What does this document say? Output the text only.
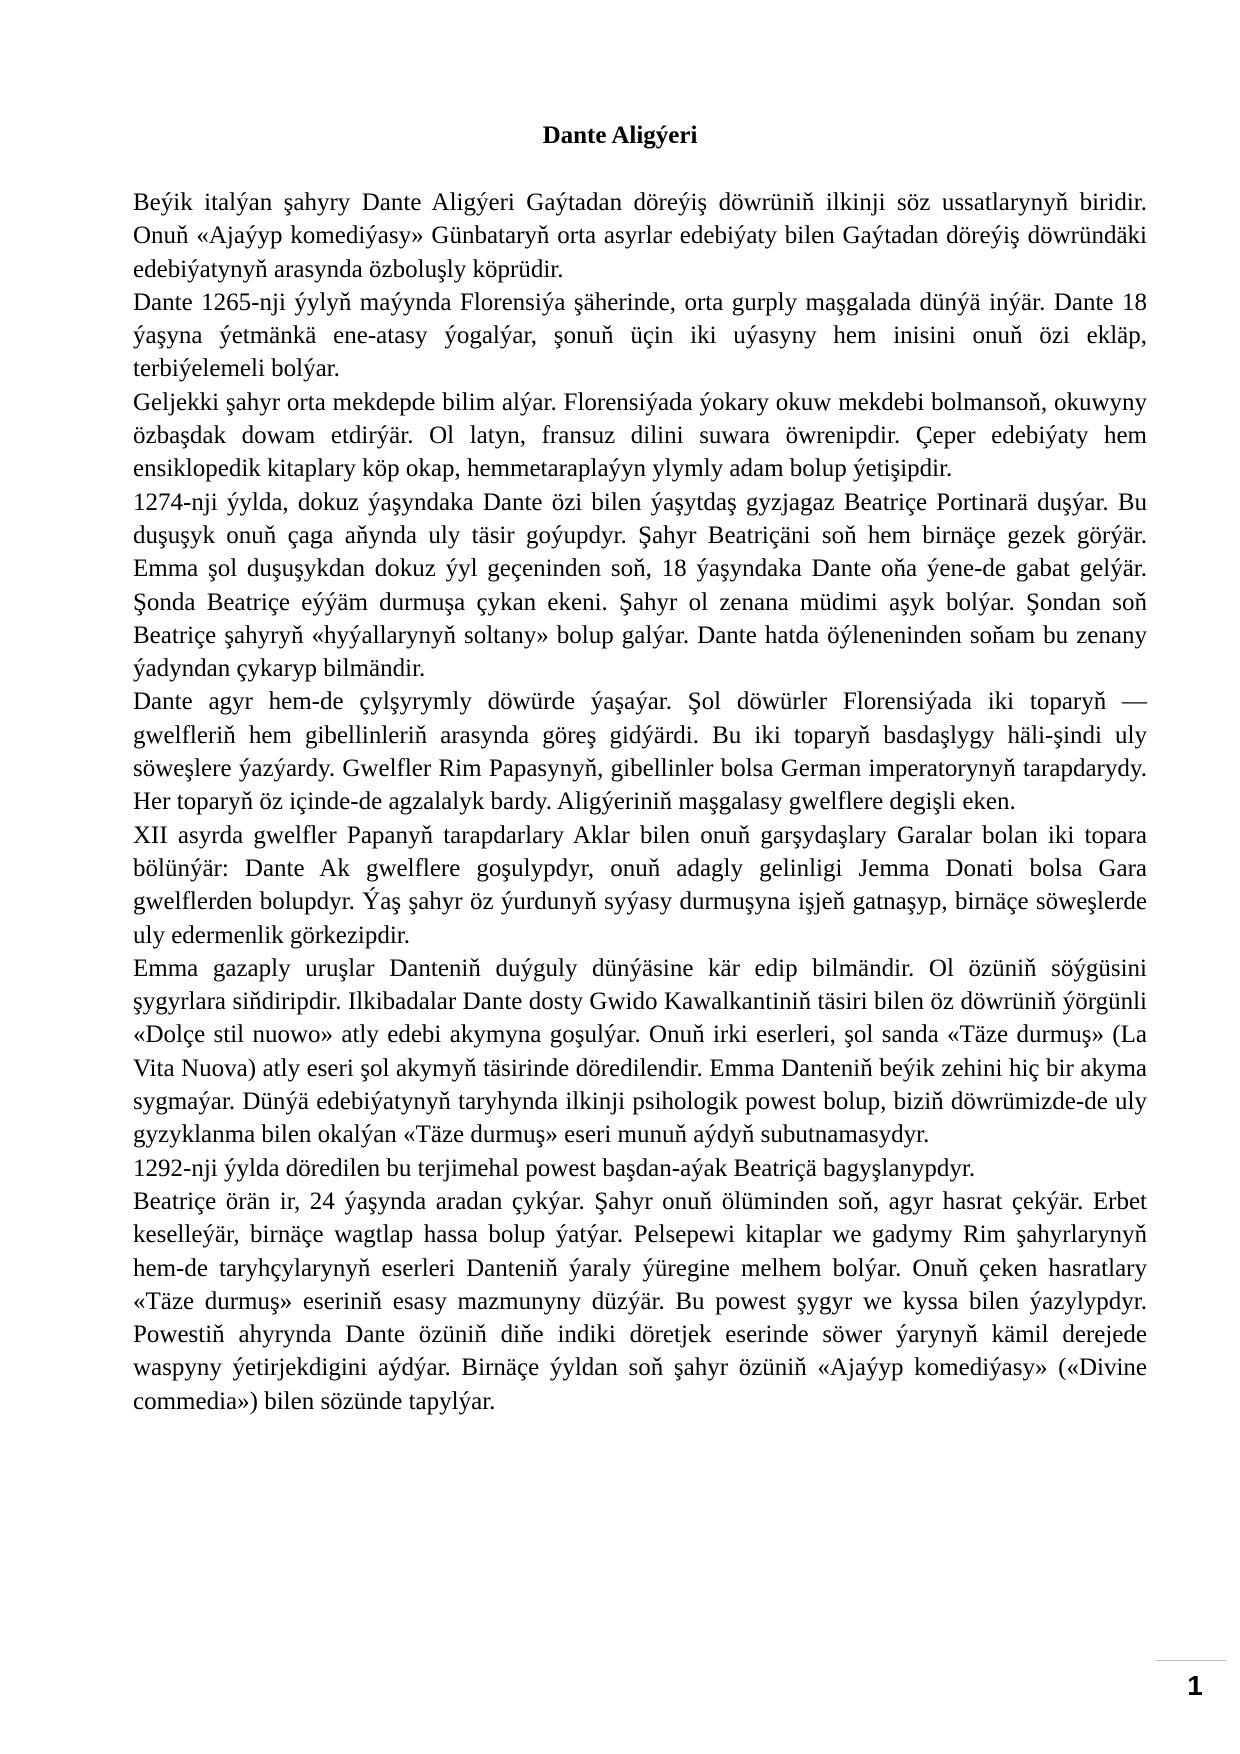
Dante Aligýeri

Beýik italýan şahyry Dante Aligýeri Gaýtadan döreýiş döwrüniň ilkinji söz ussatlarynyň biridir. Onuň «Ajaýyp komediýasy» Günbataryň orta asyrlar edebiýaty bilen Gaýtadan döreýiş döwründäki edebiýatynyň arasynda özboluşly köprüdir.

Dante 1265-nji ýylyň maýynda Florensiýa şäherinde, orta gurply maşgalada dünýä inýär. Dante 18 ýaşyna ýetmänkä ene-atasy ýogalýar, şonuň üçin iki uýasyny hem inisini onuň özi ekläp, terbiýelemeli bolýar.

Geljekki şahyr orta mekdepde bilim alýar. Florensiýada ýokary okuw mekdebi bolmansoň, okuwyny özbaşdak dowam etdirýär. Ol latyn, fransuz dilini suwara öwrenipdir. Çeper edebiýaty hem ensiklopedik kitaplary köp okap, hemmetaraplaýyn ylymly adam bolup ýetişipdir.

1274-nji ýylda, dokuz ýaşyndaka Dante özi bilen ýaşytdaş gyzjagaz Beatriçe Portinarä duşýar. Bu duşuşyk onuň çaga aňynda uly täsir goýupdyr. Şahyr Beatriçäni soň hem birnäçe gezek görýär. Emma şol duşuşykdan dokuz ýyl geçeninden soň, 18 ýaşyndaka Dante oňa ýene-de gabat gelýär. Şonda Beatriçe eýýäm durmuşa çykan ekeni. Şahyr ol zenana müdimi aşyk bolýar. Şondan soň Beatriçe şahyryň «hyýallarynyň soltany» bolup galýar. Dante hatda öýleneninden soňam bu zenany ýadyndan çykaryp bilmändir.

Dante agyr hem-de çylşyrymly döwürde ýaşaýar. Şol döwürler Florensiýada iki toparyň — gwelfleriň hem gibellinleriň arasynda göreş gidýärdi. Bu iki toparyň basdaşlygy häli-şindi uly söweşlere ýazýardy. Gwelfler Rim Papasynyň, gibellinler bolsa German imperatorynyň tarapdarydy. Her toparyň öz içinde-de agzalalyk bardy. Aligýeriniň maşgalasy gwelflere degişli eken.

XII asyrda gwelfler Papanyň tarapdarlary Aklar bilen onuň garşydaşlary Garalar bolan iki topara bölünýär: Dante Ak gwelflere goşulypdyr, onuň adagly gelinligi Jemma Donati bolsa Gara gwelflerden bolupdyr. Ýaş şahyr öz ýurdunyň syýasy durmuşyna işjeň gatnaşyp, birnäçe söweşlerde uly edermenlik görkezipdir.

Emma gazaply uruşlar Danteniň duýguly dünýäsine kär edip bilmändir. Ol özüniň söýgüsini şygyrlara siňdiripdir. Ilkibadalar Dante dosty Gwido Kawalkantiniň täsiri bilen öz döwrüniň ýörgünli «Dolçe stil nuowo» atly edebi akymyna goşulýar. Onuň irki eserleri, şol sanda «Täze durmuş» (La Vita Nuova) atly eseri şol akymyň täsirinde döredilendir. Emma Danteniň beýik zehini hiç bir akyma sygmaýar. Dünýä edebiýatynyň taryhynda ilkinji psihologik powest bolup, biziň döwrümizde-de uly gyzyklanma bilen okalýan «Täze durmuş» eseri munuň aýdyň subutnamasydyr.

1292-nji ýylda döredilen bu terjimehal powest başdan-aýak Beatriçä bagyşlanypdyr.

Beatriçe örän ir, 24 ýaşynda aradan çykýar. Şahyr onuň ölüminden soň, agyr hasrat çekýär. Erbet keselleýär, birnäçe wagtlap hassa bolup ýatýar. Pelsepewi kitaplar we gadymy Rim şahyrlarynyň hem-de taryhçylarynyň eserleri Danteniň ýaraly ýüregine melhem bolýar. Onuň çeken hasratlary «Täze durmuş» eseriniň esasy mazmunyny düzýär. Bu powest şygyr we kyssa bilen ýazylypdyr. Powestiň ahyrynda Dante özüniň diňe indiki döretjek eserinde söwer ýarynyň kämil derejede waspyny ýetirjekdigini aýdýar. Birnäçe ýyldan soň şahyr özüniň «Ajaýyp komediýasy» («Divine commedia») bilen sözünde tapylýar.

1
